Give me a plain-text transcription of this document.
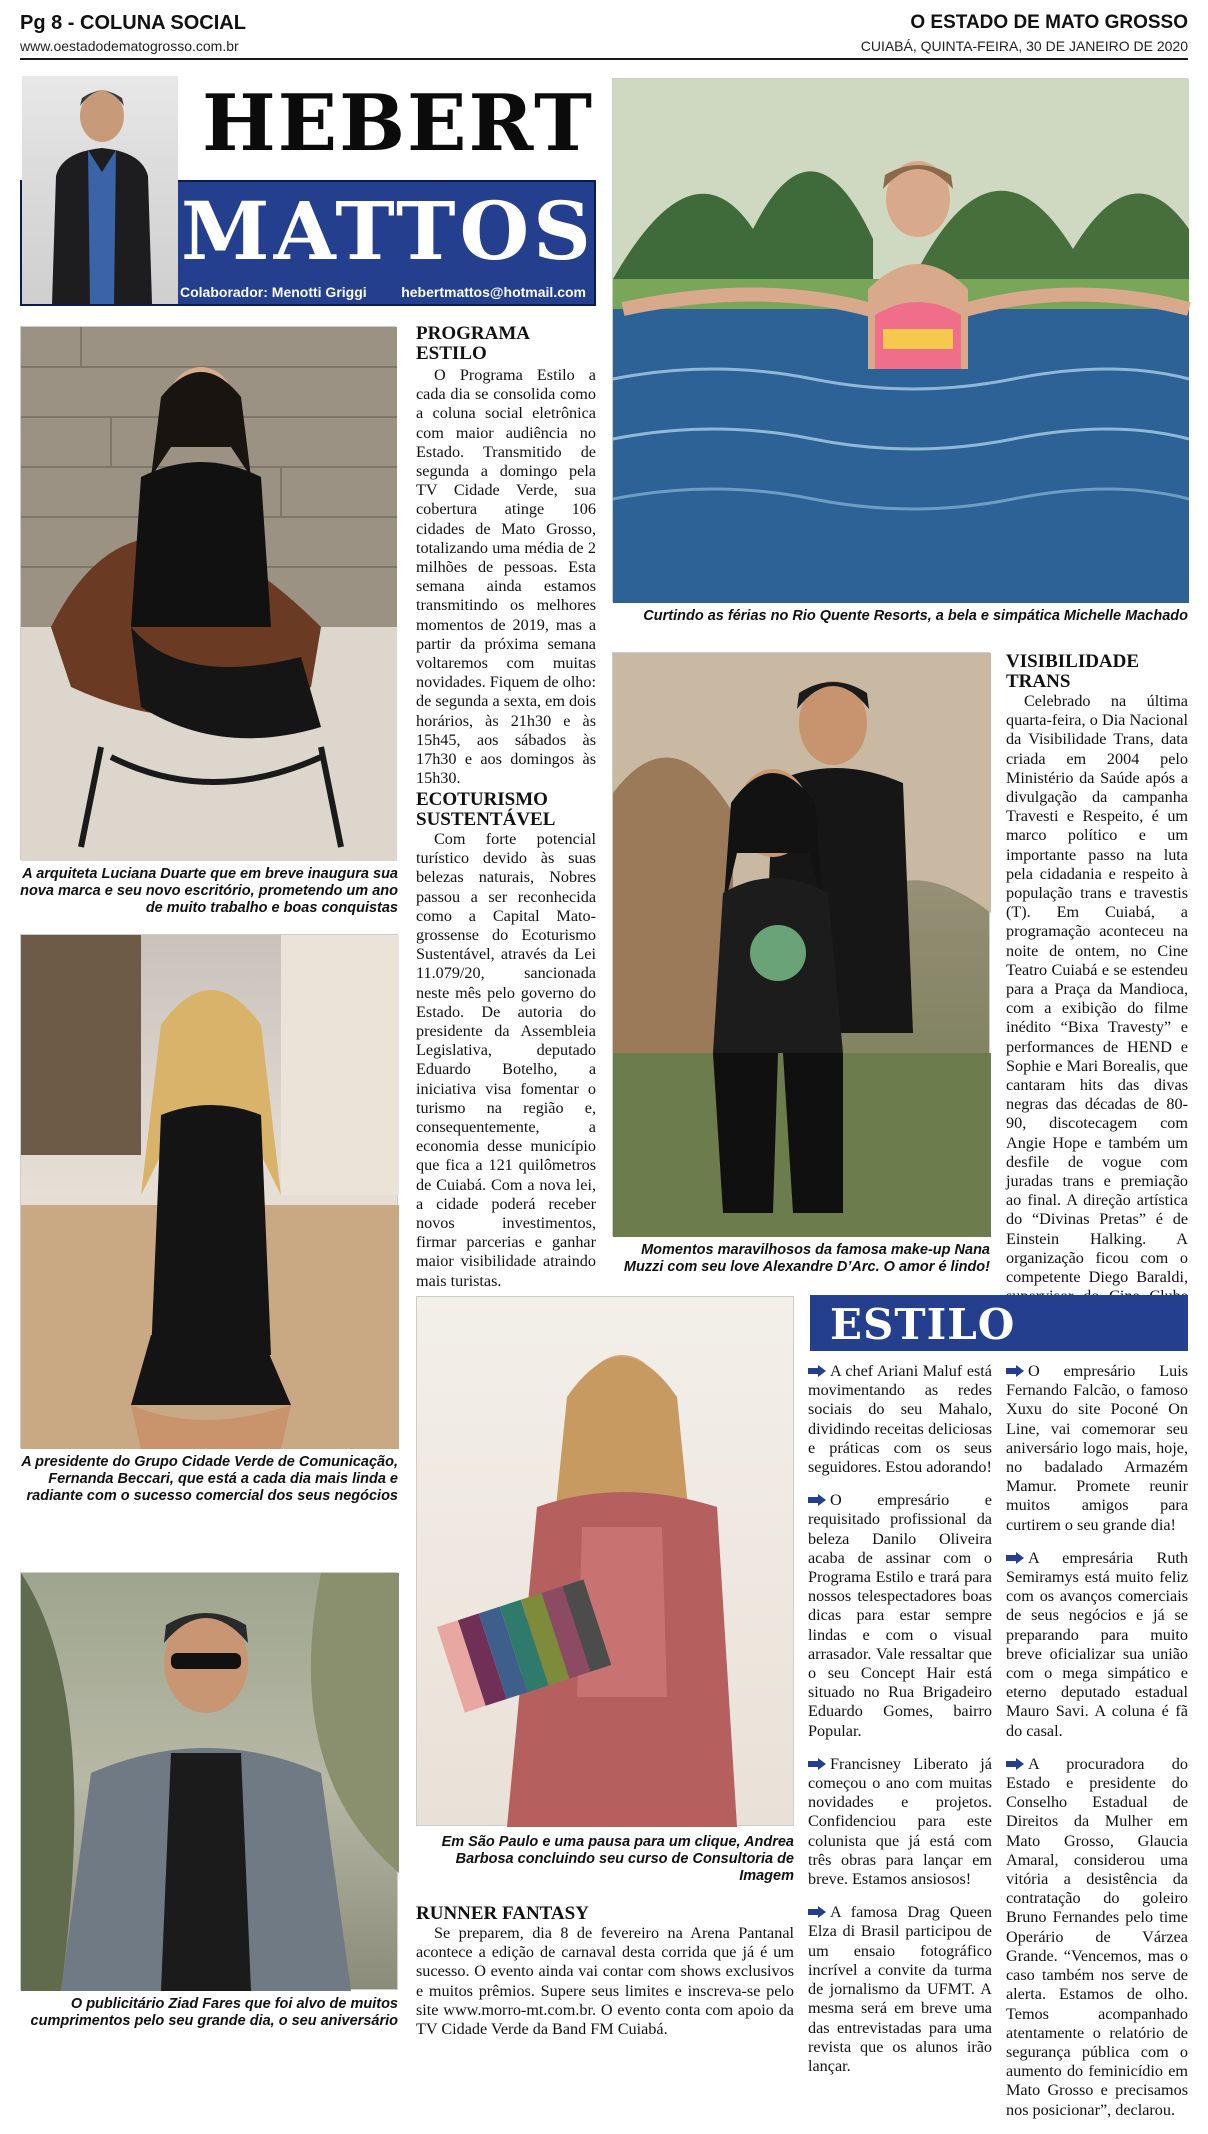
Pg 8 - COLUNA SOCIAL
www.oestadodematogrosso.com.br
O ESTADO DE MATO GROSSO
CUIABÁ, QUINTA-FEIRA, 30 DE JANEIRO DE 2020
HEBERT
MATTOS
Colaborador: Menotti Griggi hebertmattos@hotmail.com
Curtindo as férias no Rio Quente Resorts, a bela e simpática Michelle Machado
A arquiteta Luciana Duarte que em breve inaugura sua nova marca e seu novo escritório, prometendo um ano de muito trabalho e boas conquistas
PROGRAMA ESTILO

O Programa Estilo a cada dia se consolida como a coluna social eletrônica com maior audiência no Estado. Transmitido de segunda a domingo pela TV Cidade Verde, sua cobertura atinge 106 cidades de Mato Grosso, totalizando uma média de 2 milhões de pessoas. Esta semana ainda estamos transmitindo os melhores momentos de 2019, mas a partir da próxima semana voltaremos com muitas novidades. Fiquem de olho: de segunda a sexta, em dois horários, às 21h30 e às 15h45, aos sábados às 17h30 e aos domingos às 15h30.

ECOTURISMO SUSTENTÁVEL

Com forte potencial turístico devido às suas belezas naturais, Nobres passou a ser reconhecida como a Capital Mato-grossense do Ecoturismo Sustentável, através da Lei 11.079/20, sancionada neste mês pelo governo do Estado. De autoria do presidente da Assembleia Legislativa, deputado Eduardo Botelho, a iniciativa visa fomentar o turismo na região e, consequentemente, a economia desse município que fica a 121 quilômetros de Cuiabá. Com a nova lei, a cidade poderá receber novos investimentos, firmar parcerias e ganhar maior visibilidade atraindo mais turistas.

Momentos maravilhosos da famosa make-up Nana Muzzi com seu love Alexandre D’Arc. O amor é lindo!
VISIBILIDADE TRANS

Celebrado na última quarta-feira, o Dia Nacional da Visibilidade Trans, data criada em 2004 pelo Ministério da Saúde após a divulgação da campanha Travesti e Respeito, é um marco político e um importante passo na luta pela cidadania e respeito à população trans e travestis (T). Em Cuiabá, a programação aconteceu na noite de ontem, no Cine Teatro Cuiabá e se estendeu para a Praça da Mandioca, com a exibição do filme inédito “Bixa Travesty” e performances de HEND e Sophie e Mari Borealis, que cantaram hits das divas negras das décadas de 80-90, discotecagem com Angie Hope e também um desfile de vogue com juradas trans e premiação ao final. A direção artística do “Divinas Pretas” é de Einstein Halking. A organização ficou com o competente Diego Baraldi,

A presidente do Grupo Cidade Verde de Comunicação, Fernanda Beccari, que está a cada dia mais linda e radiante com o sucesso comercial dos seus negócios
Em São Paulo e uma pausa para um clique, Andrea Barbosa concluindo seu curso de Consultoria de Imagem
O publicitário Ziad Fares que foi alvo de muitos cumprimentos pelo seu grande dia, o seu aniversário
RUNNER FANTASY

Se preparem, dia 8 de fevereiro na Arena Pantanal acontece a edição de carnaval desta corrida que já é um sucesso. O evento ainda vai contar com shows exclusivos e muitos prêmios. Supere seus limites e inscreva-se pelo site www.morro-mt.com.br. O evento conta com apoio da TV Cidade Verde da Band FM Cuiabá.

ESTILO

A chef Ariani Maluf está movimentando as redes sociais do seu Mahalo, dividindo receitas deliciosas e práticas com os seus seguidores. Estou adorando!

O empresário e requisitado profissional da beleza Danilo Oliveira acaba de assinar com o Programa Estilo e trará para nossos telespectadores boas dicas para estar sempre lindas e com o visual arrasador. Vale ressaltar que o seu Concept Hair está situado no Rua Brigadeiro Eduardo Gomes, bairro Popular.

Francisney Liberato já começou o ano com muitas novidades e projetos. Confidenciou para este colunista que já está com três obras para lançar em breve. Estamos ansiosos!

A famosa Drag Queen Elza di Brasil participou de um ensaio fotográfico incrível a convite da turma de jornalismo da UFMT. A mesma será em breve uma das entrevistadas para uma revista que os alunos irão lançar.

O empresário Luis Fernando Falcão, o famoso Xuxu do site Poconé On Line, vai comemorar seu aniversário logo mais, hoje, no badalado Armazém Mamur. Promete reunir muitos amigos para curtirem o seu grande dia!

A empresária Ruth Semiramys está muito feliz com os avanços comerciais de seus negócios e já se preparando para muito breve oficializar sua união com o mega simpático e eterno deputado estadual Mauro Savi. A coluna é fã do casal.

A procuradora do Estado e presidente do Conselho Estadual de Direitos da Mulher em Mato Grosso, Glaucia Amaral, considerou uma vitória a desistência da contratação do goleiro Bruno Fernandes pelo time Operário de Várzea Grande. “Vencemos, mas o caso também nos serve de alerta. Estamos de olho. Temos acompanhado atentamente o relatório de segurança pública com o aumento do feminicídio em Mato Grosso e precisamos nos posicionar”, declarou.
